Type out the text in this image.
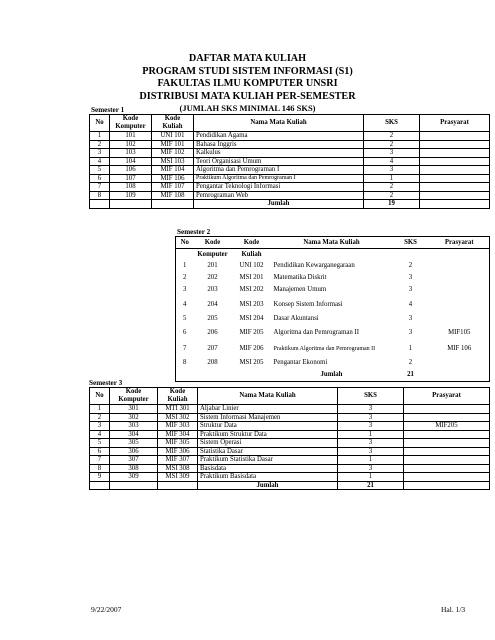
DAFTAR MATA KULIAH
PROGRAM STUDI SISTEM INFORMASI (S1)
FAKULTAS ILMU KOMPUTER UNSRI
DISTRIBUSI MATA KULIAH PER-SEMESTER
(JUMLAH SKS MINIMAL 146 SKS)
Semester 1
No	Kode Komputer	Kode Kuliah	Nama Mata Kuliah	SKS	Prasyarat
1	101	UNI 101	Pendidikan Agama	2	
2	102	MIF 101	Bahasa Inggris	2	
3	103	MIF 102	Kalkulus	3	
4	104	MSI 103	Teori Organisasi Umum	4	
5	106	MIF 104	Algoritma dan Pemrograman I	3	
6	107	MIF 106	Praktikum Algoritma dan Pemrograman I	1	
7	108	MIF 107	Pengantar Teknologi Informasi	2	
8	109	MIF 108	Pemrograman Web	2	
			Jumlah	19	
Semester 2
No	Kode	Kode	Nama Mata Kuliah	SKS	Prasyarat
	Komputer	Kuliah			
1	201	UNI 102	Pendidikan Kewarganegaraan	2	
2	202	MSI 201	Matematika Diskrit	3	
3	203	MSI 202	Manajemen Umum	3	
4	204	MSI 203	Konsep Sistem Informasi	4	
5	205	MSI 204	Dasar Akuntansi	3	
6	206	MIF 205	Algoritma dan Pemrograman II	3	MIF105
7	207	MIF 206	Praktikum Algoritma dan Pemrograman II	1	MIF 106
8	208	MSI 205	Pengantar Ekonomi	2	
			Jumlah	21	
Semester 3
No	Kode Komputer	Kode Kuliah	Nama Mata Kuliah	SKS	Prasyarat
1	301	MTI 301	Aljabar Linier	3	
2	302	MSI 302	Sistem Informasi Manajemen	3	
3	303	MIF 303	Struktur Data	3	MIF205
4	304	MIF 304	Praktikum Struktur Data	1	
5	305	MIF 305	Sistem Operasi	3	
6	306	MIF 306	Statistika Dasar	3	
7	307	MIF 307	Praktikum Statistika Dasar	1	
8	308	MSI 308	Basisdata	3	
9	309	MSI 309	Praktikum Basisdata	1	
			Jumlah	21	
9/22/2007	Hal. 1/3
